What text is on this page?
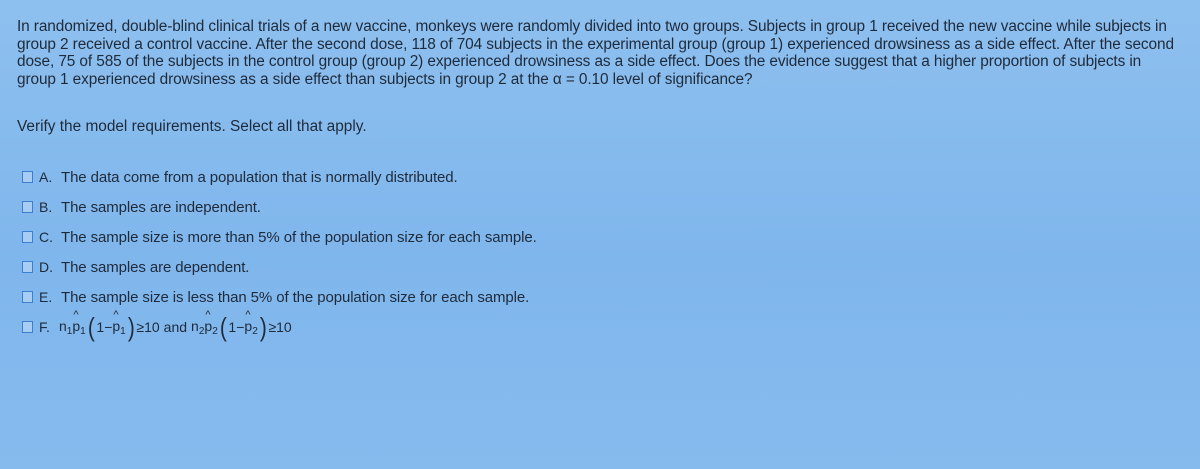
In randomized, double-blind clinical trials of a new vaccine, monkeys were randomly divided into two groups. Subjects in group 1 received the new vaccine while subjects in group 2 received a control vaccine. After the second dose, 118 of 704 subjects in the experimental group (group 1) experienced drowsiness as a side effect. After the second dose, 75 of 585 of the subjects in the control group (group 2) experienced drowsiness as a side effect. Does the evidence suggest that a higher proportion of subjects in group 1 experienced drowsiness as a side effect than subjects in group 2 at the α = 0.10 level of significance?
Verify the model requirements. Select all that apply.
A. The data come from a population that is normally distributed.
B. The samples are independent.
C. The sample size is more than 5% of the population size for each sample.
D. The samples are dependent.
E. The sample size is less than 5% of the population size for each sample.
F. $n_1$ ^ $p_1$ ( 1 − ^ $p_1$ ) ≥ 10 and $n_2$ ^ $p_2$ ( 1 − ^ $p_2$ ) ≥ 10
